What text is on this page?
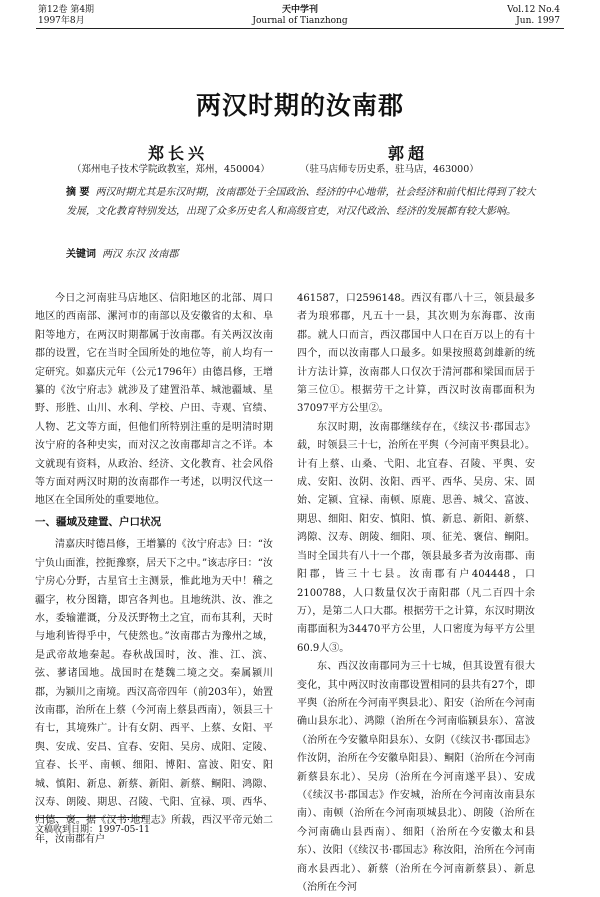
第12卷 第4期
1997年8月
天中学刊
Journal of Tianzhong
Vol.12 No.4
Jun. 1997
两汉时期的汝南郡
郑长兴
（郑州电子技术学院政教室，郑州，450004）
郭超
（驻马店师专历史系，驻马店，463000）
摘 要 两汉时期尤其是东汉时期，汝南郡处于全国政治、经济的中心地带，社会经济和前代相比得到了较大发展，文化教育特别发达，出现了众多历史名人和高级官吏，对汉代政治、经济的发展都有较大影响。
关键词 两汉 东汉 汝南郡

今日之河南驻马店地区、信阳地区的北部、周口地区的西南部、漯河市的南部以及安徽省的太和、阜阳等地方，在两汉时期都属于汝南郡。有关两汉汝南郡的设置，它在当时全国所处的地位等，前人均有一定研究。如嘉庆元年（公元1796年）由德昌修，王增纂的《汝宁府志》就涉及了建置沿革、城池疆域、星野、形胜、山川、水利、学校、户田、寺观、官绩、人物、艺文等方面，但他们所特别注重的是明清时期汝宁府的各种史实，而对汉之汝南郡却言之不详。本文就现有资料，从政治、经济、文化教育、社会风俗等方面对两汉时期的汝南郡作一考述，以明汉代这一地区在全国所处的重要地位。

一、疆域及建置、户口状况

清嘉庆时德昌修，王增纂的《汝宁府志》曰：“汝宁负山面淮，控扼豫察，居天下之中。”该志序曰：“汝宁房心分野，古星官士主测景，惟此地为天中！稽之疆字，枚分图籍，即宫各判也。且地统洪、汝、淮之水，委输灌溉，分及沃野物土之宜，而布其利，天时与地利皆得乎中，气使然也。”汝南郡古为豫州之域，是武帝故地秦起。春秋战国时，汝、淮、江、滨、弦、蓼诸国地。战国时在楚魏二境之交。秦属颍川郡，为颍川之南境。西汉高帝四年（前203年），始置汝南郡，治所在上蔡（今河南上蔡县西南），领县三十有七，其境殊广。计有女阴、西平、上蔡、女阳、平舆、安成、安昌、宜春、安阳、吴房、成阳、定陵、宜春、长平、南顿、细阳、博阳、富波、阳安、阳城、慎阳、新息、新蔡、新阳、新蔡、鲖阳、鸿隙、汉寿、朗陵、期思、召陵、弋阳、宜禄、项、西华、归德、褒。据《汉书·地理志》所载，西汉平帝元始二年，汝南郡有户

461587，口2596148。西汉有郡八十三，领县最多者为琅邪郡，凡五十一县，其次则为东海郡、汝南郡。就人口而言，西汉郡国中人口在百万以上的有十四个，而以汝南郡人口最多。如果按照葛剑雄新的统计方法计算，汝南郡人口仅次于清河郡和梁国而居于第三位①。根据劳干之计算，西汉时汝南郡面积为37097平方公里②。

东汉时期，汝南郡继续存在，《续汉书·郡国志》载，时领县三十七，治所在平舆（今河南平舆县北）。计有上蔡、山桑、弋阳、北宜春、召陵、平舆、安成、安阳、汝阴、汝阳、西平、西华、吴房、宋、固始、定颍、宜禄、南顿、原鹿、思善、城父、富波、期思、细阳、阳安、慎阳、慎、新息、新阳、新蔡、鸿隙、汉寿、朗陵、细阳、项、征羌、褒信、鲖阳。当时全国共有八十一个郡，领县最多者为汝南郡、南阳郡，皆三十七县。汝南郡有户404448，口2100788，人口数量仅次于南阳郡（凡二百四十余万），是第二人口大郡。根据劳干之计算，东汉时期汝南郡面积为34470平方公里，人口密度为每平方公里60.9人③。

东、西汉汝南郡同为三十七城，但其设置有很大变化，其中两汉时汝南郡设置相同的县共有27个，即平舆（治所在今河南平舆县北）、阳安（治所在今河南确山县东北）、鸿隙（治所在今河南临颍县东）、富波（治所在今安徽阜阳县东）、女阴（《续汉书·郡国志》作汝阴，治所在今安徽阜阳县）、鲖阳（治所在今河南新蔡县东北）、吴房（治所在今河南遂平县）、安成（《续汉书·郡国志》作安城，治所在今河南汝南县东南）、南顿（治所在今河南项城县北）、朗陵（治所在今河南确山县西南）、细阳（治所在今安徽太和县东）、汝阳（《续汉书·郡国志》称汝阳，治所在今河南商水县西北）、新蔡（治所在今河南新蔡县）、新息（治所在今河

文稿收到日期：1997-05-11
